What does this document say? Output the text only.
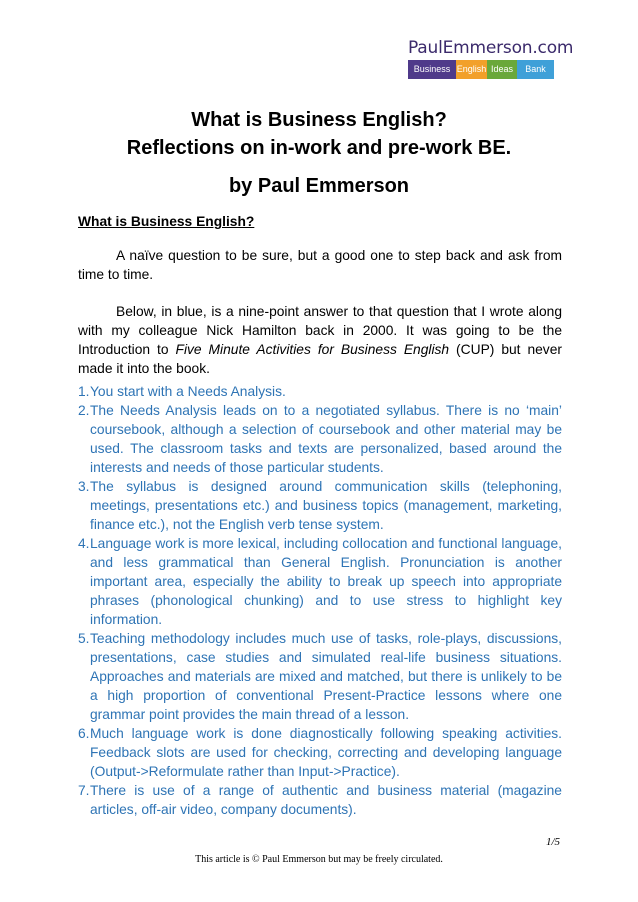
PaulEmmerson.com
Business English Ideas	Bank
What is Business English?
Reflections on in-work and pre-work BE.
by Paul Emmerson
What is Business English?
A naïve question to be sure, but a good one to step back and ask from time to time.
Below, in blue, is a nine-point answer to that question that I wrote along with my colleague Nick Hamilton back in 2000. It was going to be the Introduction to Five Minute Activities for Business English (CUP) but never made it into the book.
1. You start with a Needs Analysis.
2. The Needs Analysis leads on to a negotiated syllabus. There is no ‘main’ coursebook, although a selection of coursebook and other material may be used. The classroom tasks and texts are personalized, based around the interests and needs of those particular students.
3. The syllabus is designed around communication skills (telephoning, meetings, presentations etc.) and business topics (management, marketing, finance etc.), not the English verb tense system.
4. Language work is more lexical, including collocation and functional language, and less grammatical than General English. Pronunciation is another important area, especially the ability to break up speech into appropriate phrases (phonological chunking) and to use stress to highlight key information.
5. Teaching methodology includes much use of tasks, role-plays, discussions, presentations, case studies and simulated real-life business situations. Approaches and materials are mixed and matched, but there is unlikely to be a high proportion of conventional Present-Practice lessons where one grammar point provides the main thread of a lesson.
6. Much language work is done diagnostically following speaking activities. Feedback slots are used for checking, correcting and developing language (Output->Reformulate rather than Input->Practice).
7. There is use of a range of authentic and business material (magazine articles, off-air video, company documents).
1/5
This article is © Paul Emmerson but may be freely circulated.
